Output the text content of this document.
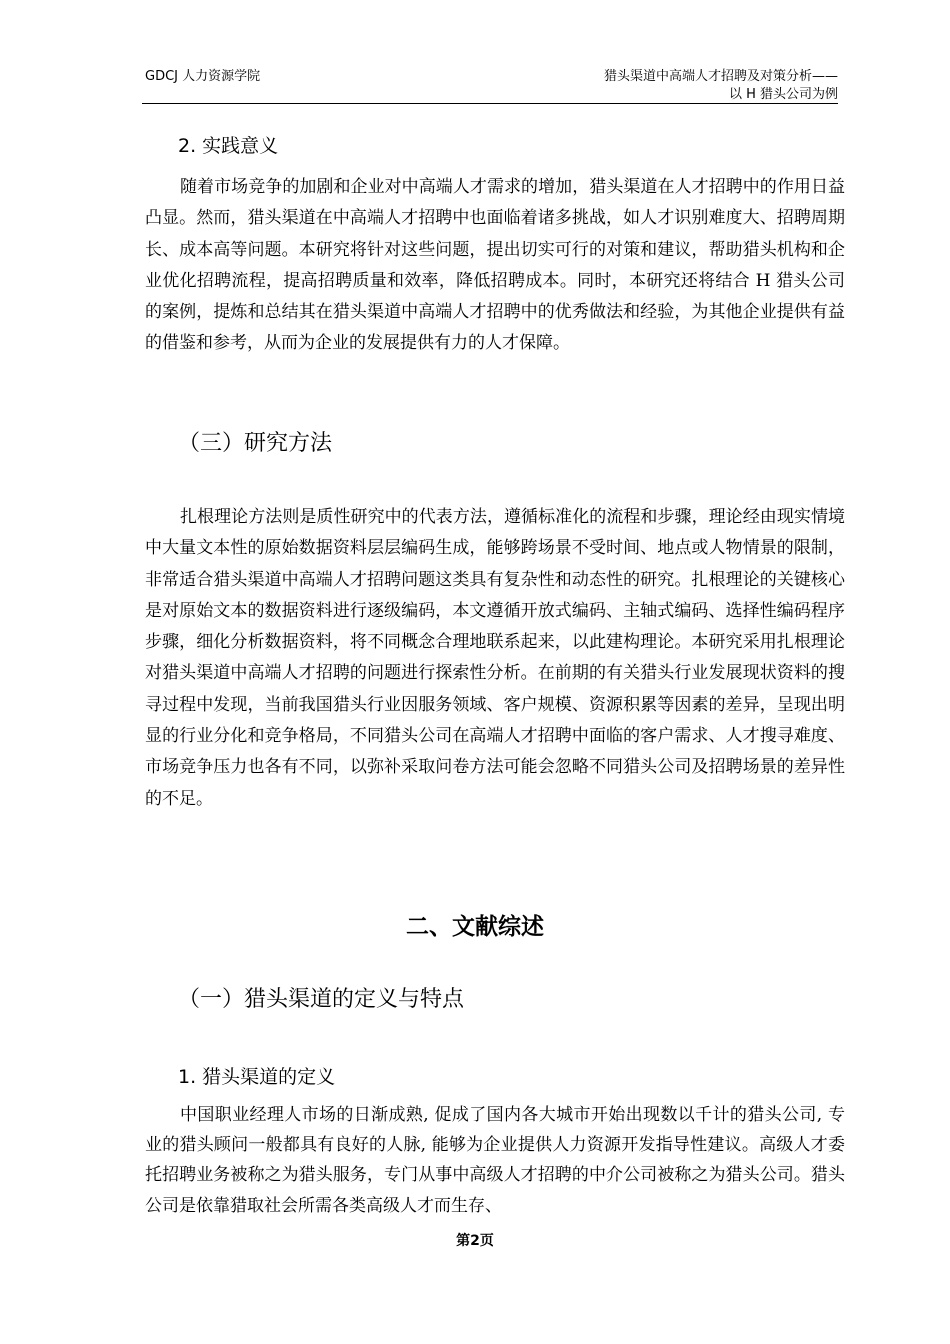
GDCJ 人力资源学院	猎头渠道中高端人才招聘及对策分析——
以 H 猎头公司为例
2. 实践意义

随着市场竞争的加剧和企业对中高端人才需求的增加，猎头渠道在人才招聘中的作用日益凸显。然而，猎头渠道在中高端人才招聘中也面临着诸多挑战，如人才识别难度大、招聘周期长、成本高等问题。本研究将针对这些问题，提出切实可行的对策和建议，帮助猎头机构和企业优化招聘流程，提高招聘质量和效率，降低招聘成本。同时，本研究还将结合 H 猎头公司的案例，提炼和总结其在猎头渠道中高端人才招聘中的优秀做法和经验，为其他企业提供有益的借鉴和参考，从而为企业的发展提供有力的人才保障。

（三）研究方法

扎根理论方法则是质性研究中的代表方法，遵循标准化的流程和步骤，理论经由现实情境中大量文本性的原始数据资料层层编码生成，能够跨场景不受时间、地点或人物情景的限制，非常适合猎头渠道中高端人才招聘问题这类具有复杂性和动态性的研究。扎根理论的关键核心是对原始文本的数据资料进行逐级编码，本文遵循开放式编码、主轴式编码、选择性编码程序步骤，细化分析数据资料，将不同概念合理地联系起来，以此建构理论。本研究采用扎根理论对猎头渠道中高端人才招聘的问题进行探索性分析。在前期的有关猎头行业发展现状资料的搜寻过程中发现，当前我国猎头行业因服务领域、客户规模、资源积累等因素的差异，呈现出明显的行业分化和竞争格局，不同猎头公司在高端人才招聘中面临的客户需求、人才搜寻难度、市场竞争压力也各有不同，以弥补采取问卷方法可能会忽略不同猎头公司及招聘场景的差异性的不足。

二、文献综述
（一）猎头渠道的定义与特点
1. 猎头渠道的定义

中国职业经理人市场的日渐成熟, 促成了国内各大城市开始出现数以千计的猎头公司, 专业的猎头顾问一般都具有良好的人脉, 能够为企业提供人力资源开发指导性建议。高级人才委托招聘业务被称之为猎头服务，专门从事中高级人才招聘的中介公司被称之为猎头公司。猎头公司是依靠猎取社会所需各类高级人才而生存、

第2页
